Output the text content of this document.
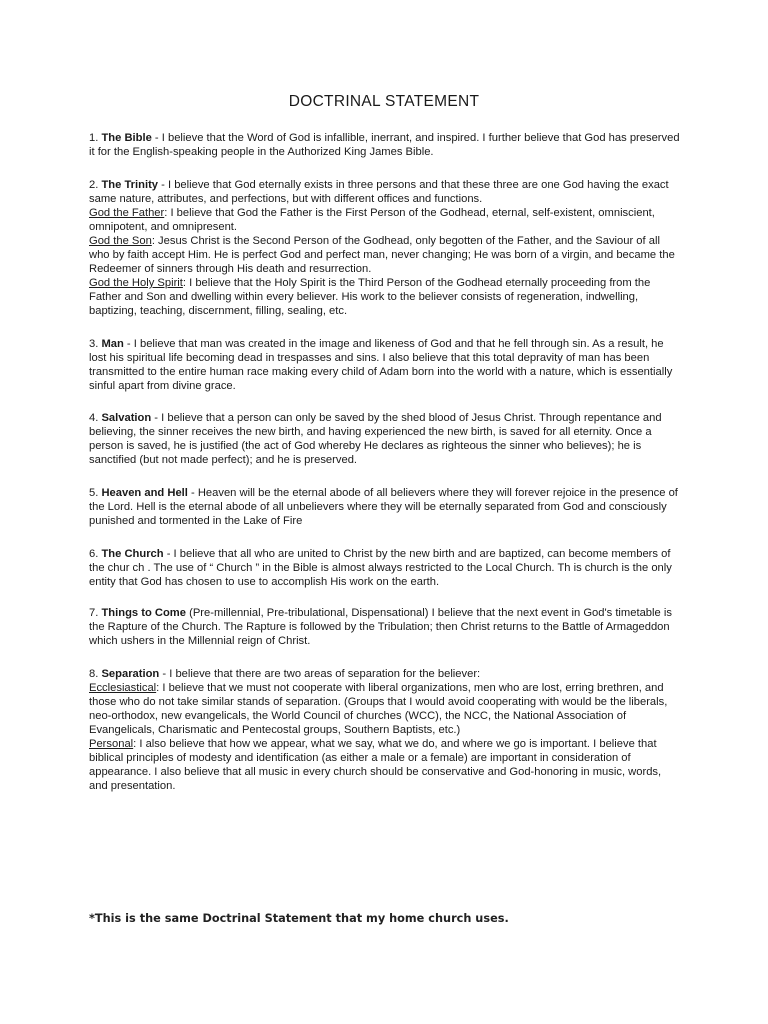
DOCTRINAL STATEMENT

1. The Bible - I believe that the Word of God is infallible, inerrant, and inspired. I further believe that God has preserved it for the English-speaking people in the Authorized King James Bible.

2. The Trinity - I believe that God eternally exists in three persons and that these three are one God having the exact same nature, attributes, and perfections, but with different offices and functions.

God the Father: I believe that God the Father is the First Person of the Godhead, eternal, self-existent, omniscient, omnipotent, and omnipresent.

God the Son: Jesus Christ is the Second Person of the Godhead, only begotten of the Father, and the Saviour of all who by faith accept Him. He is perfect God and perfect man, never changing; He was born of a virgin, and became the Redeemer of sinners through His death and resurrection.

God the Holy Spirit: I believe that the Holy Spirit is the Third Person of the Godhead eternally proceeding from the Father and Son and dwelling within every believer. His work to the believer consists of regeneration, indwelling, baptizing, teaching, discernment, filling, sealing, etc.

3. Man - I believe that man was created in the image and likeness of God and that he fell through sin. As a result, he lost his spiritual life becoming dead in trespasses and sins. I also believe that this total depravity of man has been transmitted to the entire human race making every child of Adam born into the world with a nature, which is essentially sinful apart from divine grace.

4. Salvation - I believe that a person can only be saved by the shed blood of Jesus Christ. Through repentance and believing, the sinner receives the new birth, and having experienced the new birth, is saved for all eternity. Once a person is saved, he is justified (the act of God whereby He declares as righteous the sinner who believes); he is sanctified (but not made perfect); and he is preserved.

5. Heaven and Hell - Heaven will be the eternal abode of all believers where they will forever rejoice in the presence of the Lord. Hell is the eternal abode of all unbelievers where they will be eternally separated from God and consciously punished and tormented in the Lake of Fire

6. The Church - I believe that all who are united to Christ by the new birth and are baptized, can become members of the chur ch . The use of “ Church ” in the Bible is almost always restricted to the Local Church. Th is church is the only entity that God has chosen to use to accomplish His work on the earth.

7. Things to Come (Pre-millennial, Pre-tribulational, Dispensational) I believe that the next event in God's timetable is the Rapture of the Church. The Rapture is followed by the Tribulation; then Christ returns to the Battle of Armageddon which ushers in the Millennial reign of Christ.

8. Separation - I believe that there are two areas of separation for the believer:

Ecclesiastical: I believe that we must not cooperate with liberal organizations, men who are lost, erring brethren, and those who do not take similar stands of separation. (Groups that I would avoid cooperating with would be the liberals, neo-orthodox, new evangelicals, the World Council of churches (WCC), the NCC, the National Association of Evangelicals, Charismatic and Pentecostal groups, Southern Baptists, etc.)

Personal: I also believe that how we appear, what we say, what we do, and where we go is important. I believe that biblical principles of modesty and identification (as either a male or a female) are important in consideration of appearance. I also believe that all music in every church should be conservative and God-honoring in music, words, and presentation.

*This is the same Doctrinal Statement that my home church uses.
